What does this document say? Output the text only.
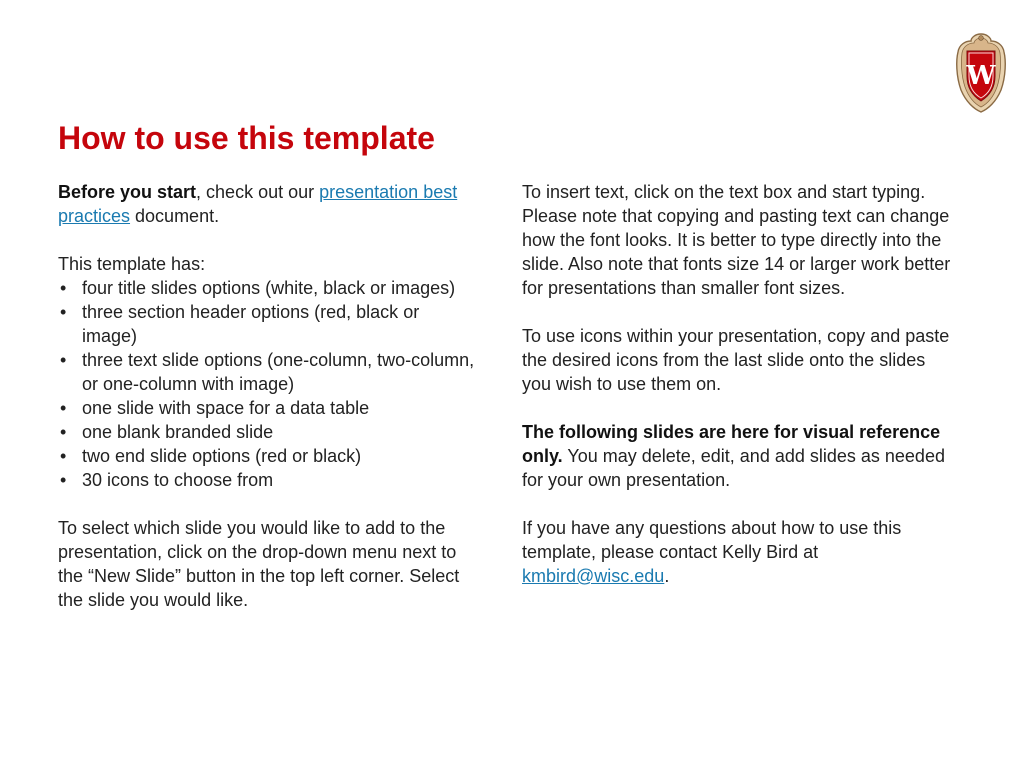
W
How to use this template

Before you start, check out our presentation best practices document.

This template has:

• four title slides options (white, black or images)
• three section header options (red, black or image)
• three text slide options (one-column, two-column, or one-column with image)
• one slide with space for a data table
• one blank branded slide
• two end slide options (red or black)
• 30 icons to choose from

To select which slide you would like to add to the presentation, click on the drop-down menu next to the “New Slide” button in the top left corner. Select the slide you would like.

To insert text, click on the text box and start typing. Please note that copying and pasting text can change how the font looks. It is better to type directly into the slide. Also note that fonts size 14 or larger work better for presentations than smaller font sizes.

To use icons within your presentation, copy and paste the desired icons from the last slide onto the slides you wish to use them on.

The following slides are here for visual reference only. You may delete, edit, and add slides as needed for your own presentation.

If you have any questions about how to use this template, please contact Kelly Bird at kmbird@wisc.edu.
